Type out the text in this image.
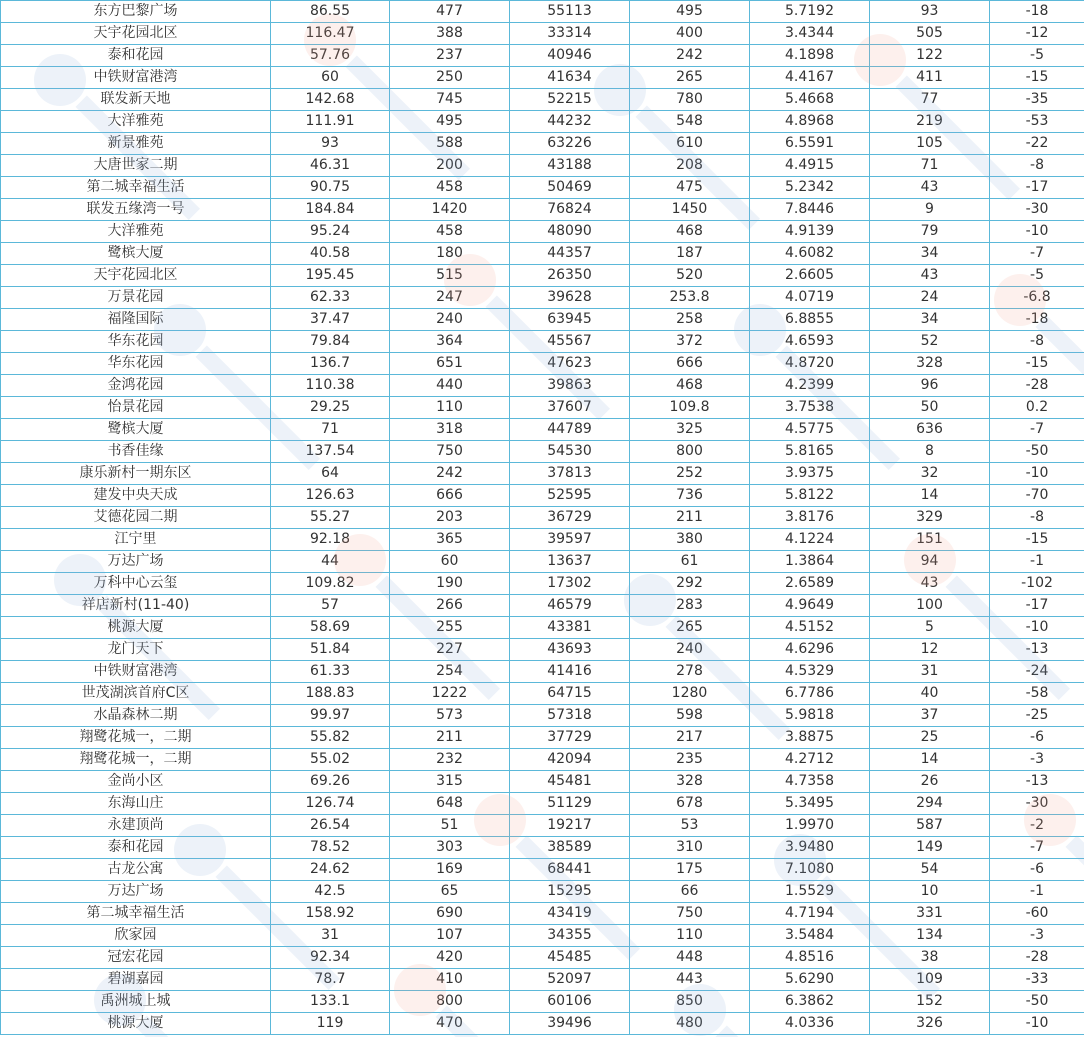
东方巴黎广场	86.55	477	55113	495	5.7192	93	-18
天宇花园北区	116.47	388	33314	400	3.4344	505	-12
泰和花园	57.76	237	40946	242	4.1898	122	-5
中铁财富港湾	60	250	41634	265	4.4167	411	-15
联发新天地	142.68	745	52215	780	5.4668	77	-35
大洋雅苑	111.91	495	44232	548	4.8968	219	-53
新景雅苑	93	588	63226	610	6.5591	105	-22
大唐世家二期	46.31	200	43188	208	4.4915	71	-8
第二城幸福生活	90.75	458	50469	475	5.2342	43	-17
联发五缘湾一号	184.84	1420	76824	1450	7.8446	9	-30
大洋雅苑	95.24	458	48090	468	4.9139	79	-10
鹭槟大厦	40.58	180	44357	187	4.6082	34	-7
天宇花园北区	195.45	515	26350	520	2.6605	43	-5
万景花园	62.33	247	39628	253.8	4.0719	24	-6.8
福隆国际	37.47	240	63945	258	6.8855	34	-18
华东花园	79.84	364	45567	372	4.6593	52	-8
华东花园	136.7	651	47623	666	4.8720	328	-15
金鸿花园	110.38	440	39863	468	4.2399	96	-28
怡景花园	29.25	110	37607	109.8	3.7538	50	0.2
鹭槟大厦	71	318	44789	325	4.5775	636	-7
书香佳缘	137.54	750	54530	800	5.8165	8	-50
康乐新村一期东区	64	242	37813	252	3.9375	32	-10
建发中央天成	126.63	666	52595	736	5.8122	14	-70
艾德花园二期	55.27	203	36729	211	3.8176	329	-8
江宁里	92.18	365	39597	380	4.1224	151	-15
万达广场	44	60	13637	61	1.3864	94	-1
万科中心云玺	109.82	190	17302	292	2.6589	43	-102
祥店新村(11-40)	57	266	46579	283	4.9649	100	-17
桃源大厦	58.69	255	43381	265	4.5152	5	-10
龙门天下	51.84	227	43693	240	4.6296	12	-13
中铁财富港湾	61.33	254	41416	278	4.5329	31	-24
世茂湖滨首府C区	188.83	1222	64715	1280	6.7786	40	-58
水晶森林二期	99.97	573	57318	598	5.9818	37	-25
翔鹭花城一，二期	55.82	211	37729	217	3.8875	25	-6
翔鹭花城一，二期	55.02	232	42094	235	4.2712	14	-3
金尚小区	69.26	315	45481	328	4.7358	26	-13
东海山庄	126.74	648	51129	678	5.3495	294	-30
永建顶尚	26.54	51	19217	53	1.9970	587	-2
泰和花园	78.52	303	38589	310	3.9480	149	-7
古龙公寓	24.62	169	68441	175	7.1080	54	-6
万达广场	42.5	65	15295	66	1.5529	10	-1
第二城幸福生活	158.92	690	43419	750	4.7194	331	-60
欣家园	31	107	34355	110	3.5484	134	-3
冠宏花园	92.34	420	45485	448	4.8516	38	-28
碧湖嘉园	78.7	410	52097	443	5.6290	109	-33
禹洲城上城	133.1	800	60106	850	6.3862	152	-50
桃源大厦	119	470	39496	480	4.0336	326	-10
